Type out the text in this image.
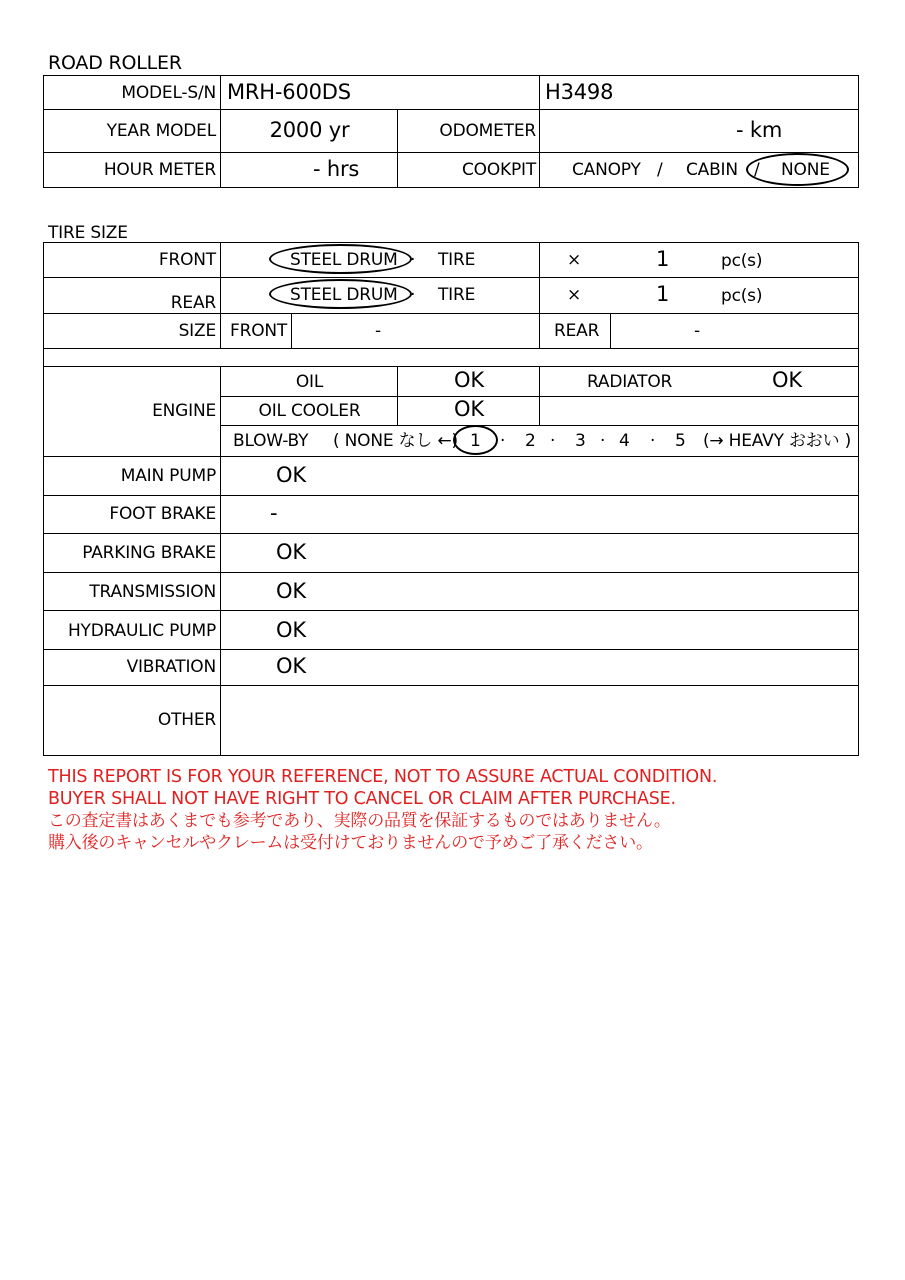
ROAD ROLLER
MODEL-S/N MRH-600DS	H3498
YEAR MODEL	2000 yr	ODOMETER	- km
HOUR METER	- hrs	COOKPIT CANOPY / CABIN / NONE
TIRE SIZE
FRONT	STEEL DRUM · TIRE	×	1	pc(s)
REAR	STEEL DRUM · TIRE	×	1	pc(s)
SIZE FRONT	-	REAR	-
ENGINE
OIL	OK	RADIATOR	OK
OIL COOLER	OK
BLOW-BY ( NONE なし ←) 1 · 2 · 3 · 4 · 5 (→ HEAVY おおい )
MAIN PUMP	OK
FOOT BRAKE	-
PARKING BRAKE	OK
TRANSMISSION	OK
HYDRAULIC PUMP	OK
VIBRATION	OK
OTHER
THIS REPORT IS FOR YOUR REFERENCE, NOT TO ASSURE ACTUAL CONDITION.
BUYER SHALL NOT HAVE RIGHT TO CANCEL OR CLAIM AFTER PURCHASE.
この査定書はあくまでも参考であり、実際の品質を保証するものではありません。
購入後のキャンセルやクレームは受付けておりませんので予めご了承ください。
